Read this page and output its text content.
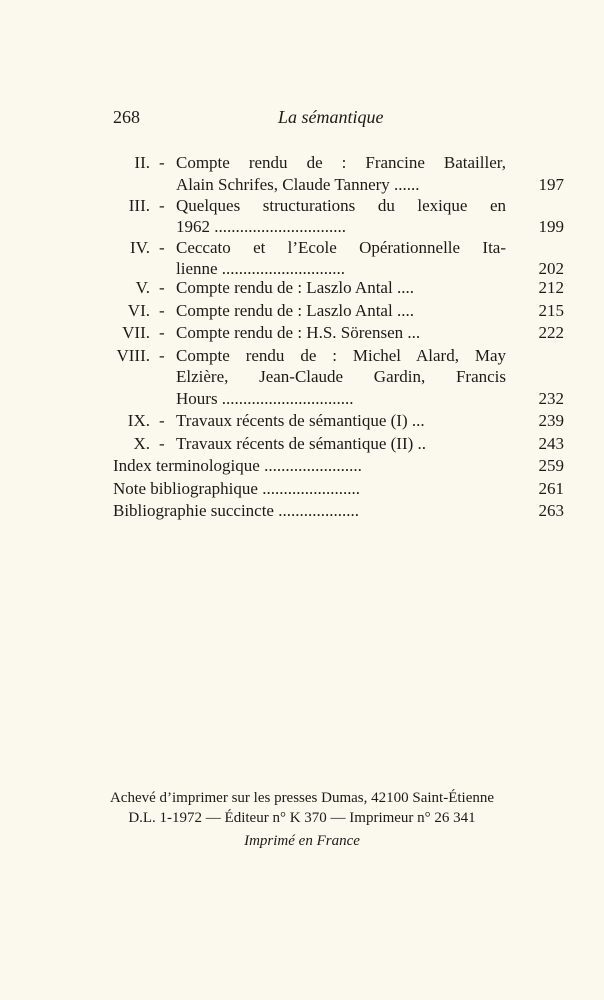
268	La sémantique
II. - Compte rendu de : Francine Batailler,
Alain Schrifes, Claude Tannery ......	197
III. - Quelques structurations du lexique en
1962 ...............................	199
IV. - Ceccato et l’Ecole Opérationnelle Ita-
lienne .............................	202
V. - Compte rendu de : Laszlo Antal ....	212
VI. - Compte rendu de : Laszlo Antal ....	215
VII. - Compte rendu de : H.S. Sörensen ...	222
VIII. - Compte rendu de : Michel Alard, May
Elzière, Jean-Claude Gardin, Francis
Hours ...............................	232
IX. - Travaux récents de sémantique (I) ...	239
X. - Travaux récents de sémantique (II) ..	243
Index terminologique .......................	259
Note bibliographique .......................	261
Bibliographie succincte ...................	263
Achevé d’imprimer sur les presses Dumas, 42100 Saint-Étienne
D.L. 1-1972 — Éditeur n° K 370 — Imprimeur n° 26 341
Imprimé en France
